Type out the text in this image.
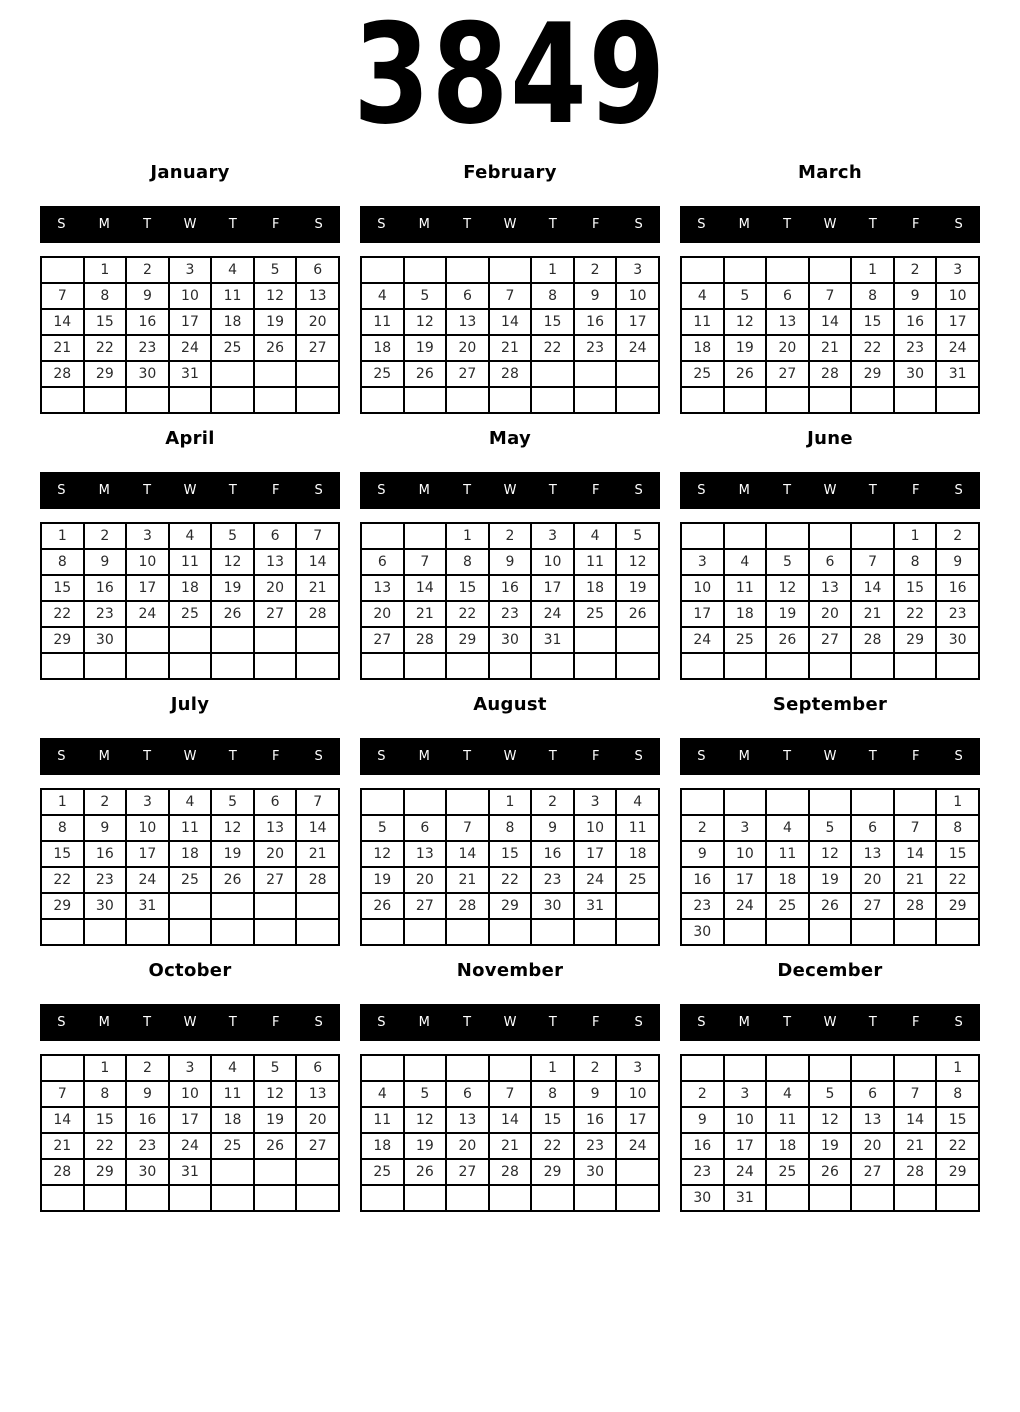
3849
January
S	M	T	W	T	F	S
	1	2	3	4	5	6
7	8	9	10	11	12	13
14	15	16	17	18	19	20
21	22	23	24	25	26	27
28	29	30	31			

February
S	M	T	W	T	F	S
				1	2	3
4	5	6	7	8	9	10
11	12	13	14	15	16	17
18	19	20	21	22	23	24
25	26	27	28			

March
S	M	T	W	T	F	S
				1	2	3
4	5	6	7	8	9	10
11	12	13	14	15	16	17
18	19	20	21	22	23	24
25	26	27	28	29	30	31

April
S	M	T	W	T	F	S
1	2	3	4	5	6	7
8	9	10	11	12	13	14
15	16	17	18	19	20	21
22	23	24	25	26	27	28
29	30					

May
S	M	T	W	T	F	S
		1	2	3	4	5
6	7	8	9	10	11	12
13	14	15	16	17	18	19
20	21	22	23	24	25	26
27	28	29	30	31		

June
S	M	T	W	T	F	S
					1	2
3	4	5	6	7	8	9
10	11	12	13	14	15	16
17	18	19	20	21	22	23
24	25	26	27	28	29	30

July
S	M	T	W	T	F	S
1	2	3	4	5	6	7
8	9	10	11	12	13	14
15	16	17	18	19	20	21
22	23	24	25	26	27	28
29	30	31				

August
S	M	T	W	T	F	S
			1	2	3	4
5	6	7	8	9	10	11
12	13	14	15	16	17	18
19	20	21	22	23	24	25
26	27	28	29	30	31	

September
S	M	T	W	T	F	S
						1
2	3	4	5	6	7	8
9	10	11	12	13	14	15
16	17	18	19	20	21	22
23	24	25	26	27	28	29
30						
October
S	M	T	W	T	F	S
	1	2	3	4	5	6
7	8	9	10	11	12	13
14	15	16	17	18	19	20
21	22	23	24	25	26	27
28	29	30	31			

November
S	M	T	W	T	F	S
				1	2	3
4	5	6	7	8	9	10
11	12	13	14	15	16	17
18	19	20	21	22	23	24
25	26	27	28	29	30	

December
S	M	T	W	T	F	S
						1
2	3	4	5	6	7	8
9	10	11	12	13	14	15
16	17	18	19	20	21	22
23	24	25	26	27	28	29
30	31					
